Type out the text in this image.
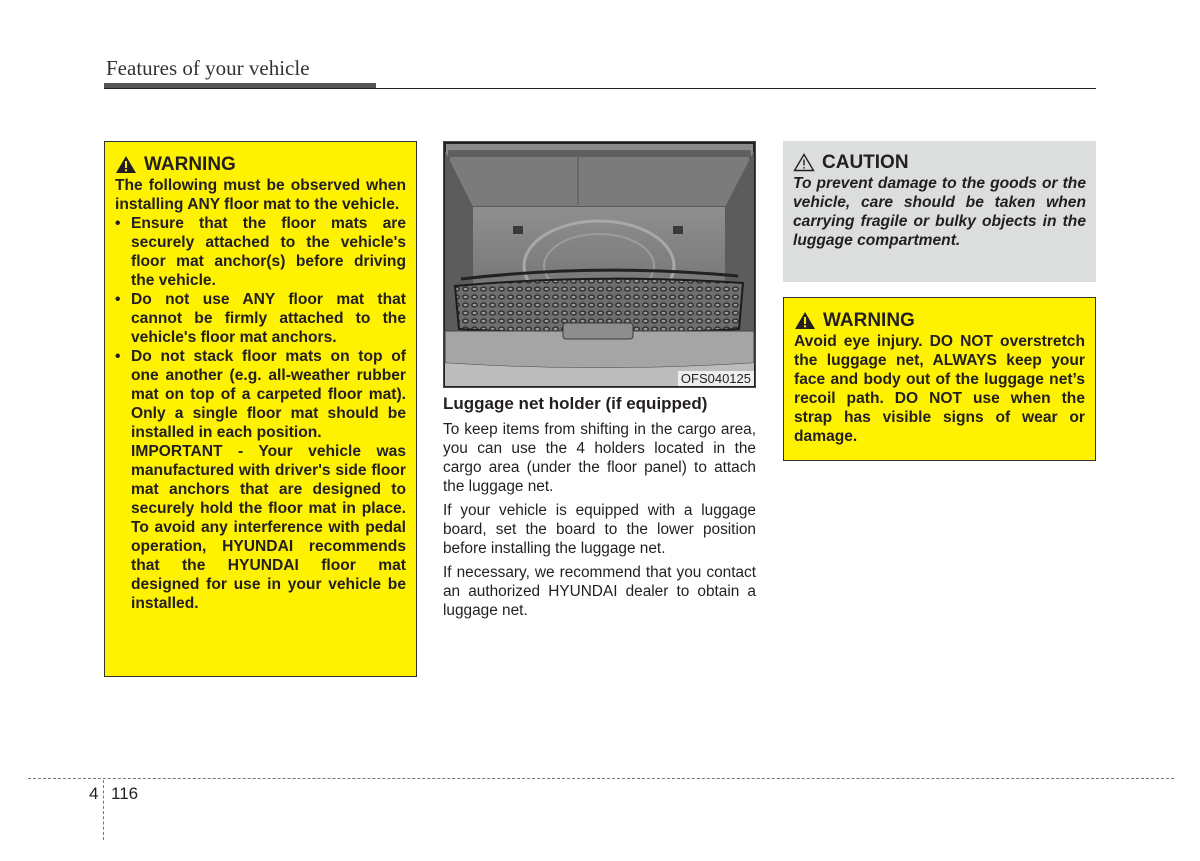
Features of your vehicle
WARNING

The following must be observed when installing ANY floor mat to the vehicle.

• Ensure that the floor mats are securely attached to the vehicle's floor mat anchor(s) before driving the vehicle.
• Do not use ANY floor mat that cannot be firmly attached to the vehicle's floor mat anchors.
• Do not stack floor mats on top of one another (e.g. all-weather rubber mat on top of a carpeted floor mat). Only a single floor mat should be installed in each position.

IMPORTANT - Your vehicle was manufactured with driver's side floor mat anchors that are designed to securely hold the floor mat in place. To avoid any interference with pedal operation, HYUNDAI recommends that the HYUNDAI floor mat designed for use in your vehicle be installed.

OFS040125
Luggage net holder (if equipped)

To keep items from shifting in the cargo area, you can use the 4 holders located in the cargo area (under the floor panel) to attach the luggage net.

If your vehicle is equipped with a luggage board, set the board to the lower position before installing the luggage net.

If necessary, we recommend that you contact an authorized HYUNDAI dealer to obtain a luggage net.

CAUTION

To prevent damage to the goods or the vehicle, care should be taken when carrying fragile or bulky objects in the luggage compartment.

WARNING

Avoid eye injury. DO NOT overstretch the luggage net, ALWAYS keep your face and body out of the luggage net’s recoil path. DO NOT use when the strap has visible signs of wear or damage.

4 116
